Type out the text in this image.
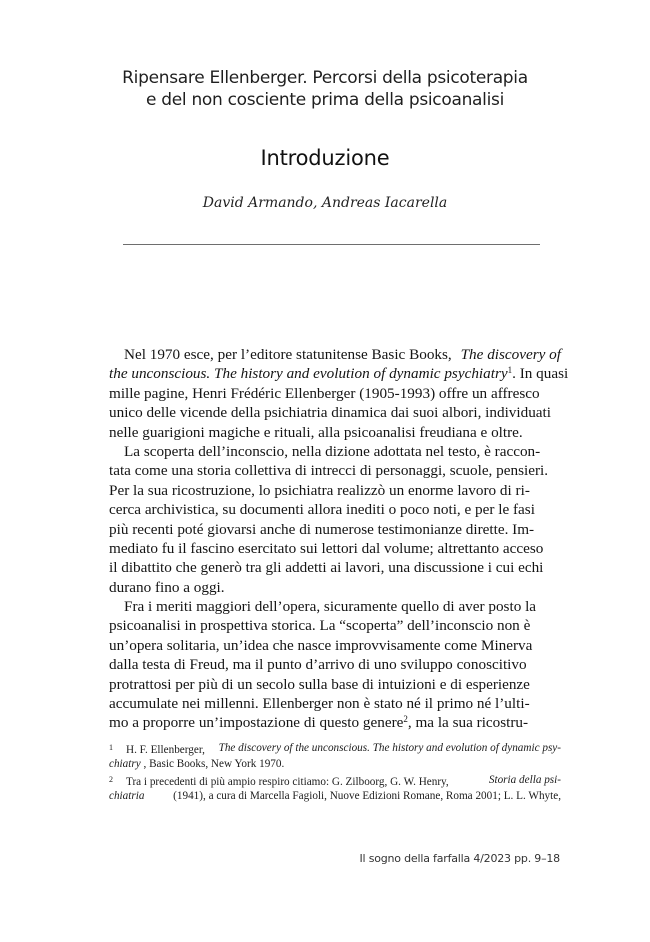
Ripensare Ellenberger. Percorsi della psicoterapia
e del non cosciente prima della psicoanalisi
Introduzione
David Armando, Andreas Iacarella
Nel 1970 esce, per l’editore statunitense Basic Books, The discovery of
the unconscious. The history and evolution of dynamic psychiatry$^1$. In quasi
mille pagine, Henri Frédéric Ellenberger (1905-1993) offre un affresco
unico delle vicende della psichiatria dinamica dai suoi albori, individuati
nelle guarigioni magiche e rituali, alla psicoanalisi freudiana e oltre.
La scoperta dell’inconscio, nella dizione adottata nel testo, è raccon-
tata come una storia collettiva di intrecci di personaggi, scuole, pensieri.
Per la sua ricostruzione, lo psichiatra realizzò un enorme lavoro di ri-
cerca archivistica, su documenti allora inediti o poco noti, e per le fasi
più recenti poté giovarsi anche di numerose testimonianze dirette. Im-
mediato fu il fascino esercitato sui lettori dal volume; altrettanto acceso
il dibattito che generò tra gli addetti ai lavori, una discussione i cui echi
durano fino a oggi.
Fra i meriti maggiori dell’opera, sicuramente quello di aver posto la
psicoanalisi in prospettiva storica. La “scoperta” dell’inconscio non è
un’opera solitaria, un’idea che nasce improvvisamente come Minerva
dalla testa di Freud, ma il punto d’arrivo di uno sviluppo conoscitivo
protrattosi per più di un secolo sulla base di intuizioni e di esperienze
accumulate nei millenni. Ellenberger non è stato né il primo né l’ulti-
mo a proporre un’impostazione di questo genere$^2$, ma la sua ricostru-
1 H. F. Ellenberger, The discovery of the unconscious. The history and evolution of dynamic psy-
chiatry , Basic Books, New York 1970.
2 Tra i precedenti di più ampio respiro citiamo: G. Zilboorg, G. W. Henry,	Storia della psi-
chiatria	(1941), a cura di Marcella Fagioli, Nuove Edizioni Romane, Roma 2001; L. L. Whyte,
Il sogno della farfalla 4/2023 pp. 9–18
